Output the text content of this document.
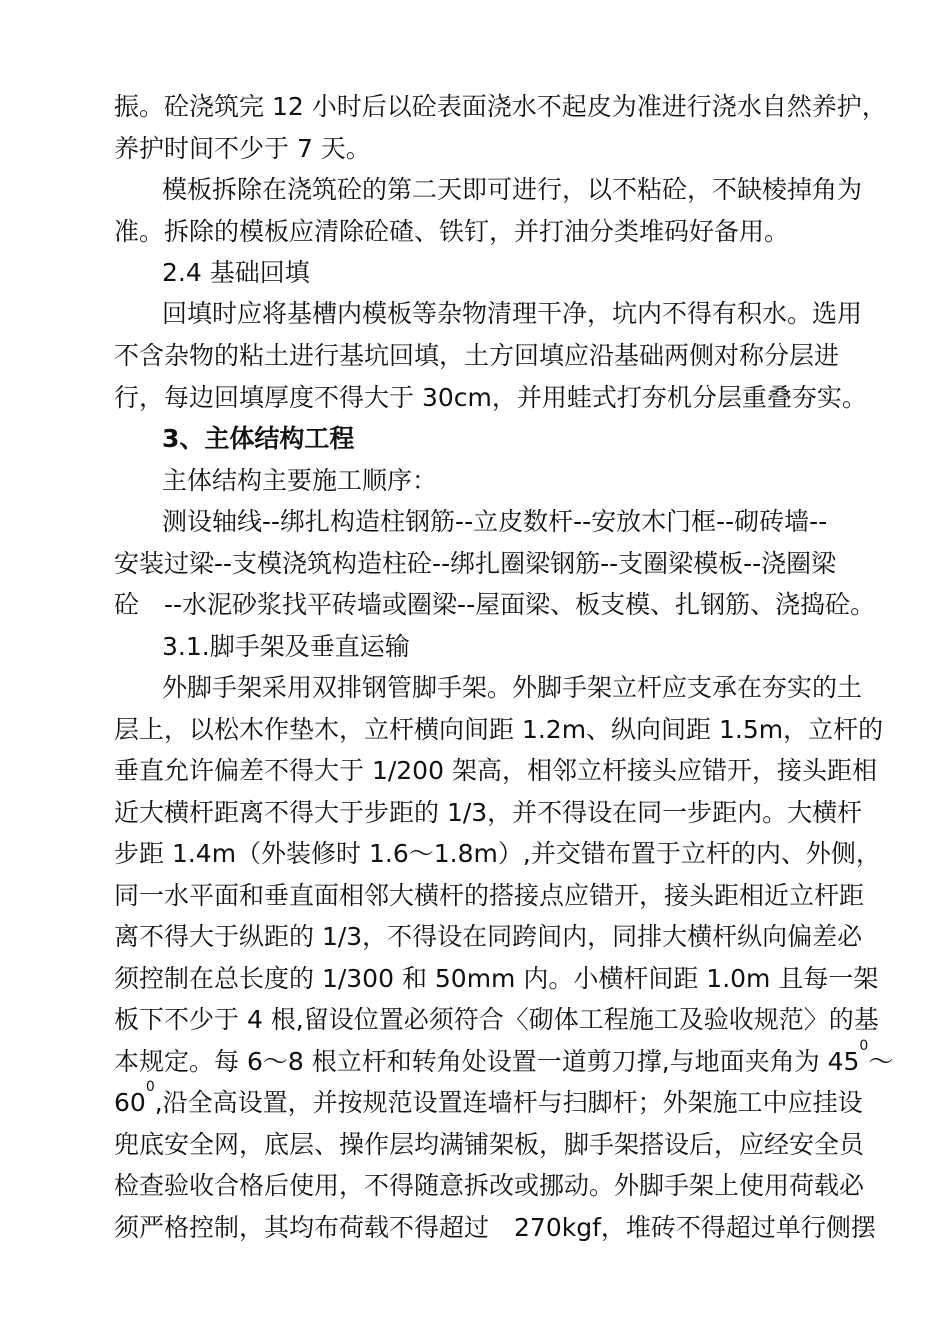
振。砼浇筑完 12 小时后以砼表面浇水不起皮为准进行浇水自然养护，
养护时间不少于 7 天。
模板拆除在浇筑砼的第二天即可进行，以不粘砼，不缺棱掉角为
准。拆除的模板应清除砼碴、铁钉，并打油分类堆码好备用。
2.4 基础回填
回填时应将基槽内模板等杂物清理干净，坑内不得有积水。选用
不含杂物的粘土进行基坑回填，土方回填应沿基础两侧对称分层进
行，每边回填厚度不得大于 30cm，并用蛙式打夯机分层重叠夯实。
3、主体结构工程
主体结构主要施工顺序：
测设轴线--绑扎构造柱钢筋--立皮数杆--安放木门框--砌砖墙--
安装过梁--支模浇筑构造柱砼--绑扎圈梁钢筋--支圈梁模板--浇圈梁
砼　--水泥砂浆找平砖墙或圈梁--屋面梁、板支模、扎钢筋、浇捣砼。
3.1.脚手架及垂直运输
外脚手架采用双排钢管脚手架。外脚手架立杆应支承在夯实的土
层上，以松木作垫木，立杆横向间距 1.2m、纵向间距 1.5m，立杆的
垂直允许偏差不得大于 1/200 架高，相邻立杆接头应错开，接头距相
近大横杆距离不得大于步距的 1/3，并不得设在同一步距内。大横杆
步距 1.4m（外装修时 1.6～1.8m）,并交错布置于立杆的内、外侧，
同一水平面和垂直面相邻大横杆的搭接点应错开，接头距相近立杆距
离不得大于纵距的 1/3，不得设在同跨间内，同排大横杆纵向偏差必
须控制在总长度的 1/300 和 50mm 内。小横杆间距 1.0m 且每一架
板下不少于 4 根,留设位置必须符合〈砌体工程施工及验收规范〉的基
本规定。每 6～8 根立杆和转角处设置一道剪刀撑,与地面夹角为 45
0
～
60
0
,沿全高设置，并按规范设置连墙杆与扫脚杆；外架施工中应挂设
兜底安全网，底层、操作层均满铺架板，脚手架搭设后，应经安全员
检查验收合格后使用，不得随意拆改或挪动。外脚手架上使用荷载必
须严格控制，其均布荷载不得超过　270kgf，堆砖不得超过单行侧摆
